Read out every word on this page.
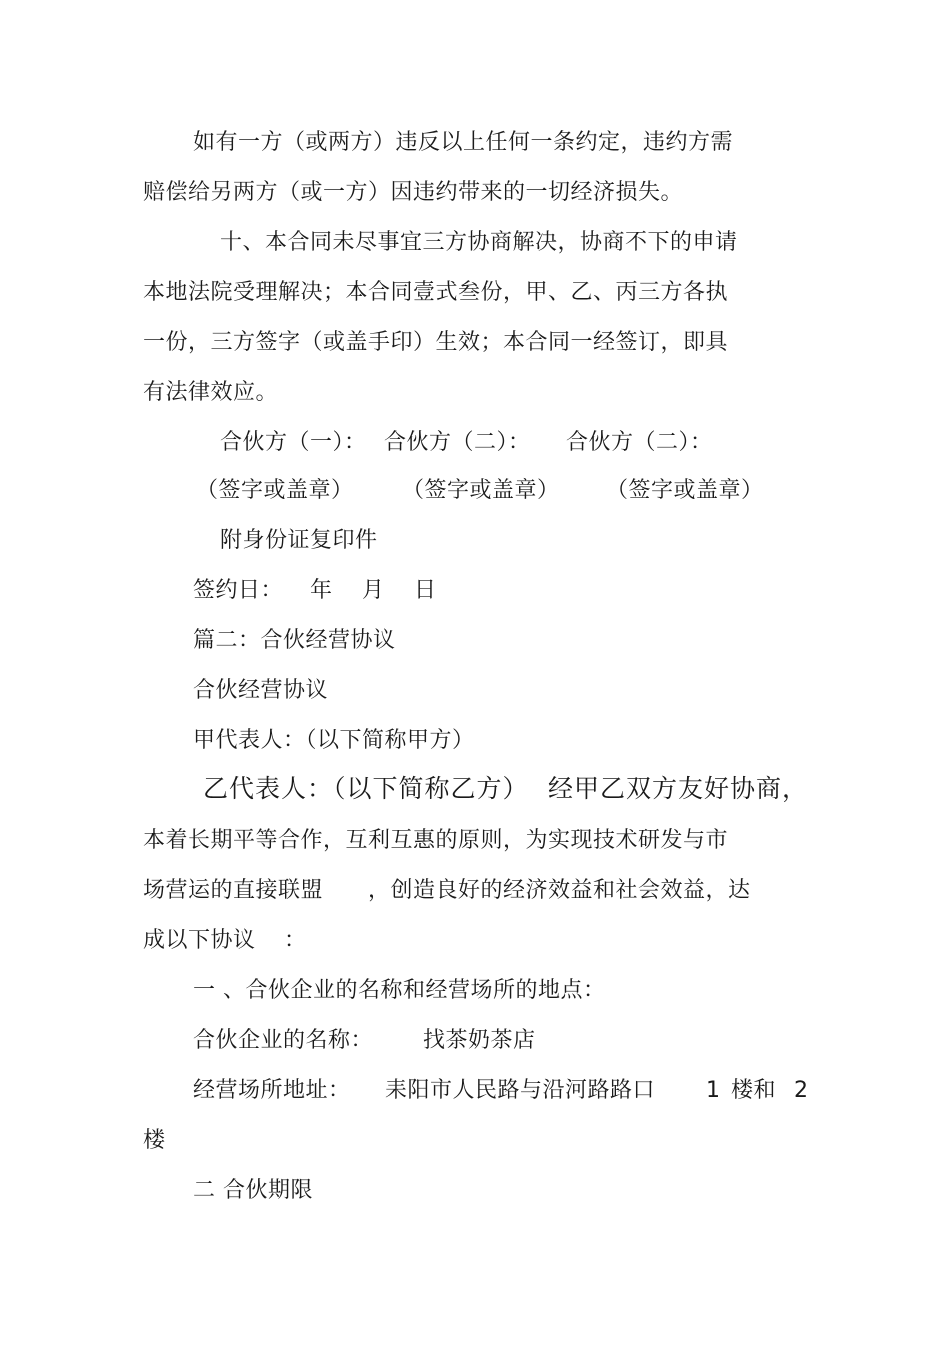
如有一方（或两方）违反以上任何一条约定，违约方需
赔偿给另两方（或一方）因违约带来的一切经济损失。
十、本合同未尽事宜三方协商解决，协商不下的申请
本地法院受理解决；本合同壹式叁份，甲、乙、丙三方各执
一份，三方签字（或盖手印）生效；本合同一经签订，即具
有法律效应。
合伙方（一）： 合伙方（二）： 合伙方（二）：
（签字或盖章） （签字或盖章） （签字或盖章）
附身份证复印件
签约日： 年 月 日
篇二：合伙经营协议
合伙经营协议
甲代表人：（以下简称甲方）
乙代表人：（以下简称乙方） 经甲乙双方友好协商，
本着长期平等合作，互利互惠的原则，为实现技术研发与市
场营运的直接联盟 ，创造良好的经济效益和社会效益，达
成以下协议 ：
一 、合伙企业的名称和经营场所的地点：
合伙企业的名称： 找茶奶茶店
经营场所地址： 耒阳市人民路与沿河路路口 1 楼和 2
楼
二 合伙期限
